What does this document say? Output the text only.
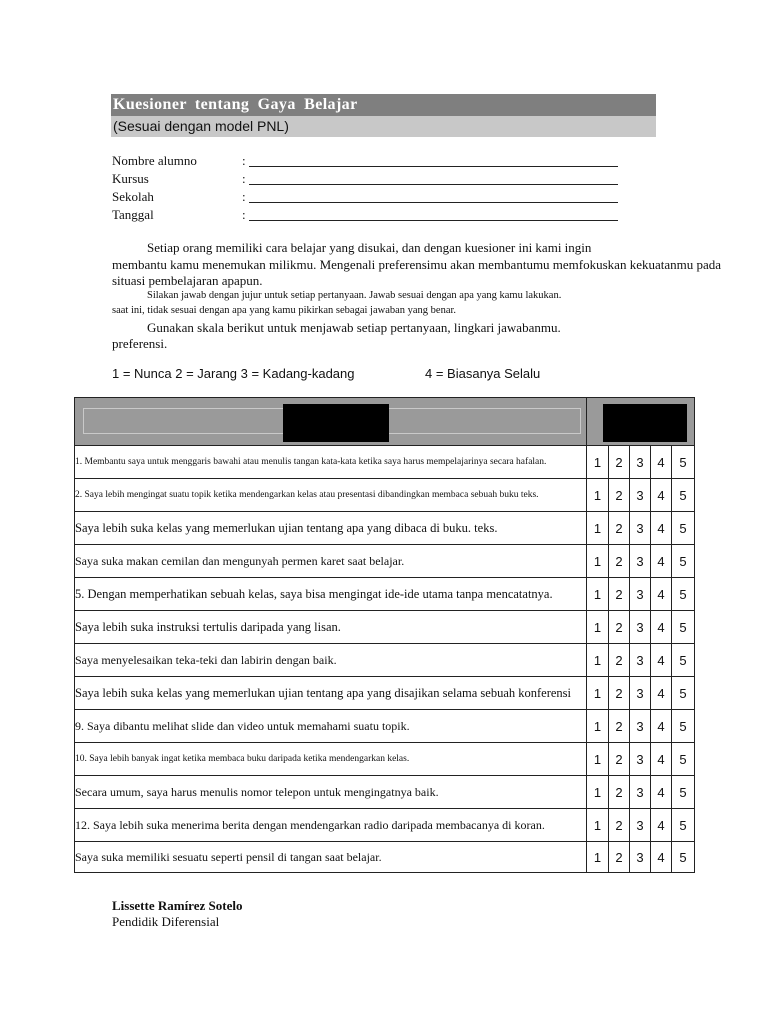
Kuesioner tentang Gaya Belajar
(Sesuai dengan model PNL)
Nombre alumno	:
Kursus	:
Sekolah	:
Tanggal	:
Setiap orang memiliki cara belajar yang disukai, dan dengan kuesioner ini kami ingin
membantu kamu menemukan milikmu. Mengenali preferensimu akan membantumu memfokuskan kekuatanmu pada
situasi pembelajaran apapun.
Silakan jawab dengan jujur untuk setiap pertanyaan. Jawab sesuai dengan apa yang kamu lakukan.
saat ini, tidak sesuai dengan apa yang kamu pikirkan sebagai jawaban yang benar.
Gunakan skala berikut untuk menjawab setiap pertanyaan, lingkari jawabanmu.
preferensi.
1 = Nunca 2 = Jarang 3 = Kadang-kadang	4 = Biasanya Selalu

1. Membantu saya untuk menggaris bawahi atau menulis tangan kata-kata ketika saya harus mempelajarinya secara hafalan.	1	2	3	4	5
2. Saya lebih mengingat suatu topik ketika mendengarkan kelas atau presentasi dibandingkan membaca sebuah buku teks.	1	2	3	4	5
Saya lebih suka kelas yang memerlukan ujian tentang apa yang dibaca di buku. teks.	1	2	3	4	5
Saya suka makan cemilan dan mengunyah permen karet saat belajar.	1	2	3	4	5
5. Dengan memperhatikan sebuah kelas, saya bisa mengingat ide-ide utama tanpa mencatatnya.	1	2	3	4	5
Saya lebih suka instruksi tertulis daripada yang lisan.	1	2	3	4	5
Saya menyelesaikan teka-teki dan labirin dengan baik.	1	2	3	4	5
Saya lebih suka kelas yang memerlukan ujian tentang apa yang disajikan selama sebuah konferensi	1	2	3	4	5
9. Saya dibantu melihat slide dan video untuk memahami suatu topik.	1	2	3	4	5
10. Saya lebih banyak ingat ketika membaca buku daripada ketika mendengarkan kelas.	1	2	3	4	5
Secara umum, saya harus menulis nomor telepon untuk mengingatnya baik.	1	2	3	4	5
12. Saya lebih suka menerima berita dengan mendengarkan radio daripada membacanya di koran.	1	2	3	4	5
Saya suka memiliki sesuatu seperti pensil di tangan saat belajar.	1	2	3	4	5
Lissette Ramírez Sotelo
Pendidik Diferensial
